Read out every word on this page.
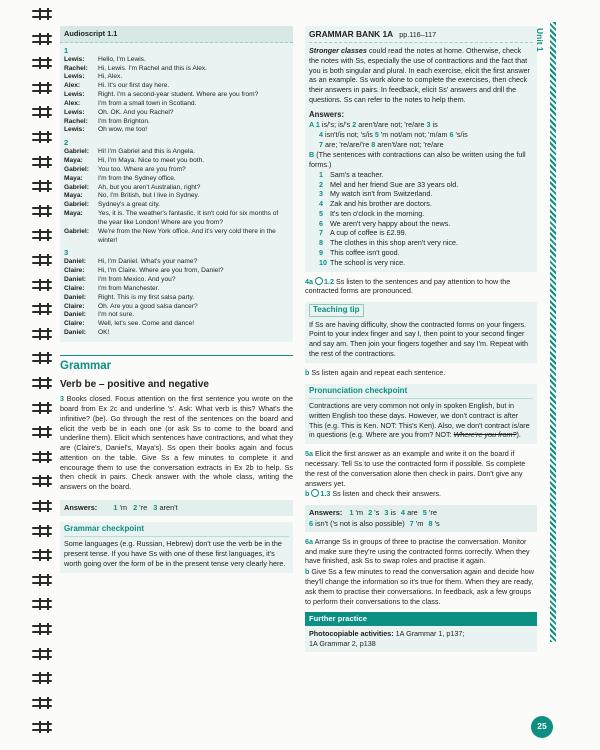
Audioscript 1.1
1
Lewis:	Hello, I'm Lewis.
Rachel:	Hi, Lewis. I'm Rachel and this is Alex.
Lewis:	Hi, Alex.
Alex:	Hi. It's our first day here.
Lewis:	Right. I'm a second-year student. Where are you from?
Alex:	I'm from a small town in Scotland.
Lewis:	Oh. OK. And you Rachel?
Rachel:	I'm from Brighton.
Lewis:	Oh wow, me too!
2
Gabriel:	Hi! I'm Gabriel and this is Angela.
Maya:	Hi, I'm Maya. Nice to meet you both.
Gabriel:	You too. Where are you from?
Maya:	I'm from the Sydney office.
Gabriel:	Ah, but you aren't Australian, right?
Maya:	No, I'm British, but I live in Sydney.
Gabriel:	Sydney's a great city.
Maya:	Yes, it is. The weather's fantastic. It isn't cold for six months of the year like London! Where are you from?
Gabriel:	We're from the New York office. And it's very cold there in the winter!
3
Daniel:	Hi, I'm Daniel. What's your name?
Claire:	Hi, I'm Claire. Where are you from, Daniel?
Daniel:	I'm from Mexico. And you?
Claire:	I'm from Manchester.
Daniel:	Right. This is my first salsa party.
Claire:	Oh. Are you a good salsa dancer?
Daniel:	I'm not sure.
Claire:	Well, let's see. Come and dance!
Daniel:	OK!
Grammar
Verb be – positive and negative

3 Books closed. Focus attention on the first sentence you wrote on the board from Ex 2c and underline 's'. Ask: What verb is this? What's the infinitive? (be). Go through the rest of the sentences on the board and elicit the verb be in each one (or ask Ss to come to the board and underline them). Elicit which sentences have contractions, and what they are (Claire's, Daniel's, Maya's). Ss open their books again and focus attention on the table. Give Ss a few minutes to complete it and encourage them to use the conversation extracts in Ex 2b to help. Ss then check in pairs. Check answer with the whole class, writing the answers on the board.

Answers: 1 'm 2 're 3 aren't
Grammar checkpoint

Some languages (e.g. Russian, Hebrew) don't use the verb be in the present tense. If you have Ss with one of these first languages, it's worth going over the form of be in the present tense very clearly here.

GRAMMAR BANK 1A pp.116–117

Stronger classes could read the notes at home. Otherwise, check the notes with Ss, especially the use of contractions and the fact that you is both singular and plural. In each exercise, elicit the first answer as an example. Ss work alone to complete the exercises, then check their answers in pairs. In feedback, elicit Ss' answers and drill the questions. Ss can refer to the notes to help them.

Answers:
A 1 is/'s; is/'s 2 aren't/are not; 're/are 3 is
4 isn't/is not; 's/is 5 'm not/am not; 'm/am 6 's/is
7 are; 're/are/'re 8 aren't/are not; 're/are
B (The sentences with contractions can also be written using the full forms.)
1 Sam's a teacher.
2 Mel and her friend Sue are 33 years old.
3 My watch isn't from Switzerland.
4 Zak and his brother are doctors.
5 It's ten o'clock in the morning.
6 We aren't very happy about the news.
7 A cup of coffee is £2.99.
8 The clothes in this shop aren't very nice.
9 This coffee isn't good.
10 The school is very nice.

4a 1.2 Ss listen to the sentences and pay attention to how the contracted forms are pronounced.

Teaching tip

If Ss are having difficulty, show the contracted forms on your fingers. Point to your index finger and say I, then point to your second finger and say am. Then join your fingers together and say I'm. Repeat with the rest of the contractions.

b Ss listen again and repeat each sentence.

Pronunciation checkpoint

Contractions are very common not only in spoken English, but in written English too these days. However, we don't contract is after This (e.g. This is Ken. NOT: This's Ken). Also, we don't contract is/are in questions (e.g. Where are you from? NOT: Where're you from?).

5a Elicit the first answer as an example and write it on the board if necessary. Tell Ss to use the contracted form if possible. Ss complete the rest of the conversation alone then check in pairs. Don't give any answers yet.

b 1.3 Ss listen and check their answers.

Answers: 1 'm 2 's 3 is 4 are 5 're
6 isn't ('s not is also possible) 7 'm 8 's

6a Arrange Ss in groups of three to practise the conversation. Monitor and make sure they're using the contracted forms correctly. When they have finished, ask Ss to swap roles and practise it again.

b Give Ss a few minutes to read the conversation again and decide how they'll change the information so it's true for them. When they are ready, ask them to practise their conversations. In feedback, ask a few groups to perform their conversations to the class.

Further practice
Photocopiable activities: 1A Grammar 1, p137;
1A Grammar 2, p138
Unit 1
25
